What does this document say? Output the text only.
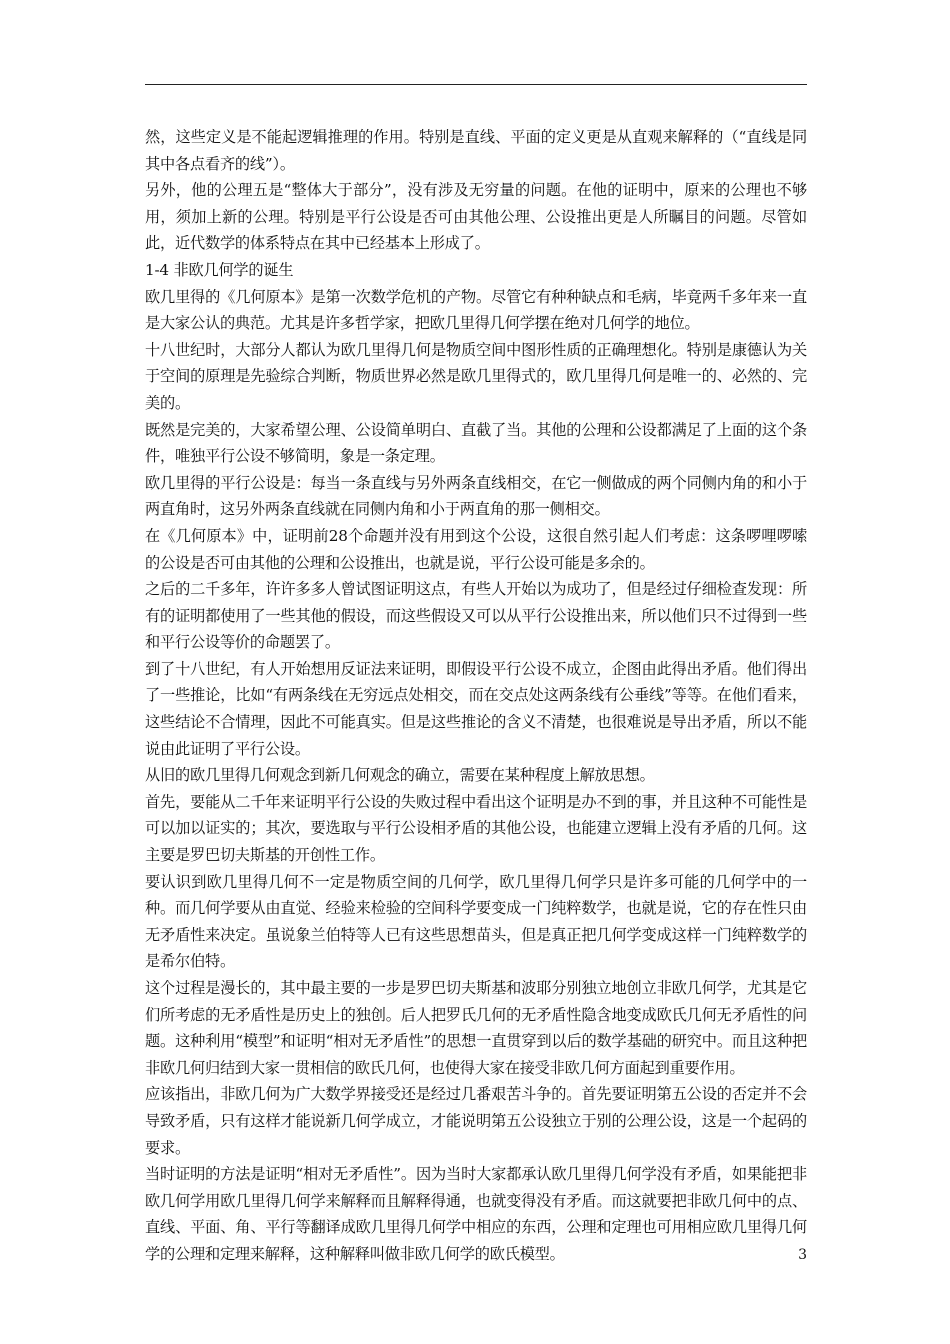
然，这些定义是不能起逻辑推理的作用。特别是直线、平面的定义更是从直观来解释的（“直线是同其中各点看齐的线”）。

另外，他的公理五是“整体大于部分”，没有涉及无穷量的问题。在他的证明中，原来的公理也不够用，须加上新的公理。特别是平行公设是否可由其他公理、公设推出更是人所瞩目的问题。尽管如此，近代数学的体系特点在其中已经基本上形成了。

1-4 非欧几何学的诞生

欧几里得的《几何原本》是第一次数学危机的产物。尽管它有种种缺点和毛病，毕竟两千多年来一直是大家公认的典范。尤其是许多哲学家，把欧几里得几何学摆在绝对几何学的地位。

十八世纪时，大部分人都认为欧几里得几何是物质空间中图形性质的正确理想化。特别是康德认为关于空间的原理是先验综合判断，物质世界必然是欧几里得式的，欧几里得几何是唯一的、必然的、完美的。

既然是完美的，大家希望公理、公设简单明白、直截了当。其他的公理和公设都满足了上面的这个条件，唯独平行公设不够简明，象是一条定理。

欧几里得的平行公设是：每当一条直线与另外两条直线相交，在它一侧做成的两个同侧内角的和小于两直角时，这另外两条直线就在同侧内角和小于两直角的那一侧相交。

在《几何原本》中，证明前28个命题并没有用到这个公设，这很自然引起人们考虑：这条啰哩啰嗦的公设是否可由其他的公理和公设推出，也就是说，平行公设可能是多余的。

之后的二千多年，许许多多人曾试图证明这点，有些人开始以为成功了，但是经过仔细检查发现：所有的证明都使用了一些其他的假设，而这些假设又可以从平行公设推出来，所以他们只不过得到一些和平行公设等价的命题罢了。

到了十八世纪，有人开始想用反证法来证明，即假设平行公设不成立，企图由此得出矛盾。他们得出了一些推论，比如“有两条线在无穷远点处相交，而在交点处这两条线有公垂线”等等。在他们看来，这些结论不合情理，因此不可能真实。但是这些推论的含义不清楚，也很难说是导出矛盾，所以不能说由此证明了平行公设。

从旧的欧几里得几何观念到新几何观念的确立，需要在某种程度上解放思想。

首先，要能从二千年来证明平行公设的失败过程中看出这个证明是办不到的事，并且这种不可能性是可以加以证实的；其次，要选取与平行公设相矛盾的其他公设，也能建立逻辑上没有矛盾的几何。这主要是罗巴切夫斯基的开创性工作。

要认识到欧几里得几何不一定是物质空间的几何学，欧几里得几何学只是许多可能的几何学中的一种。而几何学要从由直觉、经验来检验的空间科学要变成一门纯粹数学，也就是说，它的存在性只由无矛盾性来决定。虽说象兰伯特等人已有这些思想苗头，但是真正把几何学变成这样一门纯粹数学的是希尔伯特。

这个过程是漫长的，其中最主要的一步是罗巴切夫斯基和波耶分别独立地创立非欧几何学，尤其是它们所考虑的无矛盾性是历史上的独创。后人把罗氏几何的无矛盾性隐含地变成欧氏几何无矛盾性的问题。这种利用“模型”和证明“相对无矛盾性”的思想一直贯穿到以后的数学基础的研究中。而且这种把非欧几何归结到大家一贯相信的欧氏几何，也使得大家在接受非欧几何方面起到重要作用。

应该指出，非欧几何为广大数学界接受还是经过几番艰苦斗争的。首先要证明第五公设的否定并不会导致矛盾，只有这样才能说新几何学成立，才能说明第五公设独立于别的公理公设，这是一个起码的要求。

当时证明的方法是证明“相对无矛盾性”。因为当时大家都承认欧几里得几何学没有矛盾，如果能把非欧几何学用欧几里得几何学来解释而且解释得通，也就变得没有矛盾。而这就要把非欧几何中的点、直线、平面、角、平行等翻译成欧几里得几何学中相应的东西，公理和定理也可用相应欧几里得几何学的公理和定理来解释，这种解释叫做非欧几何学的欧氏模型。	3
